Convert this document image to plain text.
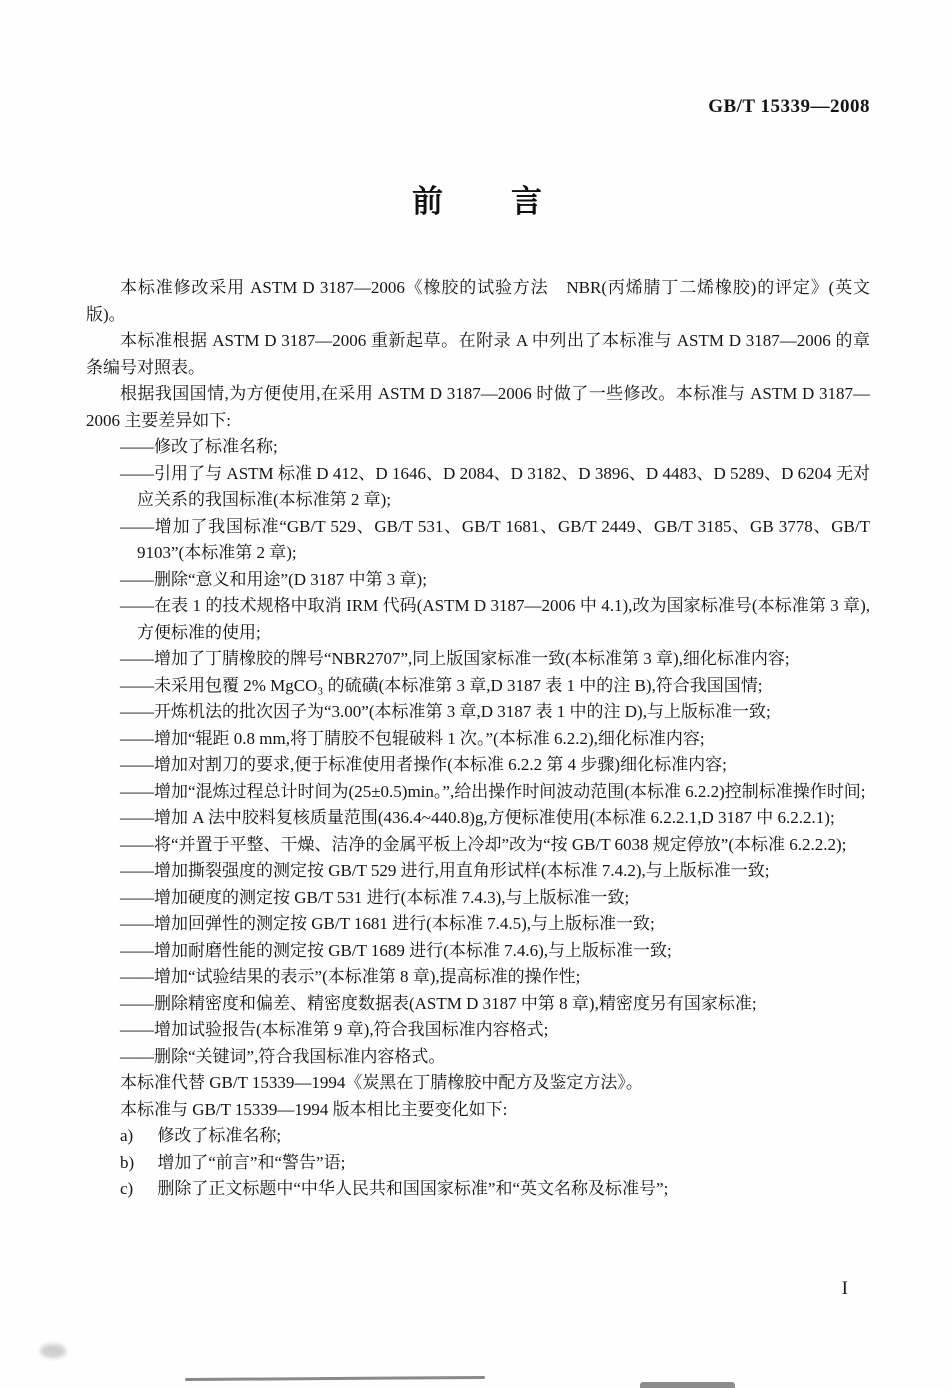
GB/T 15339—2008
前　　言

本标准修改采用 ASTM D 3187—2006《橡胶的试验方法　NBR(丙烯腈丁二烯橡胶)的评定》(英文版)。

本标准根据 ASTM D 3187—2006 重新起草。在附录 A 中列出了本标准与 ASTM D 3187—2006 的章条编号对照表。

根据我国国情,为方便使用,在采用 ASTM D 3187—2006 时做了一些修改。本标准与 ASTM D 3187—2006 主要差异如下:

——修改了标准名称;

——引用了与 ASTM 标准 D 412、D 1646、D 2084、D 3182、D 3896、D 4483、D 5289、D 6204 无对应关系的我国标准(本标准第 2 章);

——增加了我国标准“GB/T 529、GB/T 531、GB/T 1681、GB/T 2449、GB/T 3185、GB 3778、GB/T 9103”(本标准第 2 章);

——删除“意义和用途”(D 3187 中第 3 章);

——在表 1 的技术规格中取消 IRM 代码(ASTM D 3187—2006 中 4.1),改为国家标准号(本标准第 3 章),方便标准的使用;

——增加了丁腈橡胶的牌号“NBR2707”,同上版国家标准一致(本标准第 3 章),细化标准内容;

——未采用包覆 2% MgCO₃ 的硫磺(本标准第 3 章,D 3187 表 1 中的注 B),符合我国国情;

——开炼机法的批次因子为“3.00”(本标准第 3 章,D 3187 表 1 中的注 D),与上版标准一致;

——增加“辊距 0.8 mm,将丁腈胶不包辊破料 1 次。”(本标准 6.2.2),细化标准内容;

——增加对割刀的要求,便于标准使用者操作(本标准 6.2.2 第 4 步骤)细化标准内容;

——增加“混炼过程总计时间为(25±0.5)min。”,给出操作时间波动范围(本标准 6.2.2)控制标准操作时间;

——增加 A 法中胶料复核质量范围(436.4~440.8)g,方便标准使用(本标准 6.2.2.1,D 3187 中 6.2.2.1);

——将“并置于平整、干燥、洁净的金属平板上冷却”改为“按 GB/T 6038 规定停放”(本标准 6.2.2.2);

——增加撕裂强度的测定按 GB/T 529 进行,用直角形试样(本标准 7.4.2),与上版标准一致;

——增加硬度的测定按 GB/T 531 进行(本标准 7.4.3),与上版标准一致;

——增加回弹性的测定按 GB/T 1681 进行(本标准 7.4.5),与上版标准一致;

——增加耐磨性能的测定按 GB/T 1689 进行(本标准 7.4.6),与上版标准一致;

——增加“试验结果的表示”(本标准第 8 章),提高标准的操作性;

——删除精密度和偏差、精密度数据表(ASTM D 3187 中第 8 章),精密度另有国家标准;

——增加试验报告(本标准第 9 章),符合我国标准内容格式;

——删除“关键词”,符合我国标准内容格式。

本标准代替 GB/T 15339—1994《炭黑在丁腈橡胶中配方及鉴定方法》。

本标准与 GB/T 15339—1994 版本相比主要变化如下:

a) 修改了标准名称;

b) 增加了“前言”和“警告”语;

c) 删除了正文标题中“中华人民共和国国家标准”和“英文名称及标准号”;

I
